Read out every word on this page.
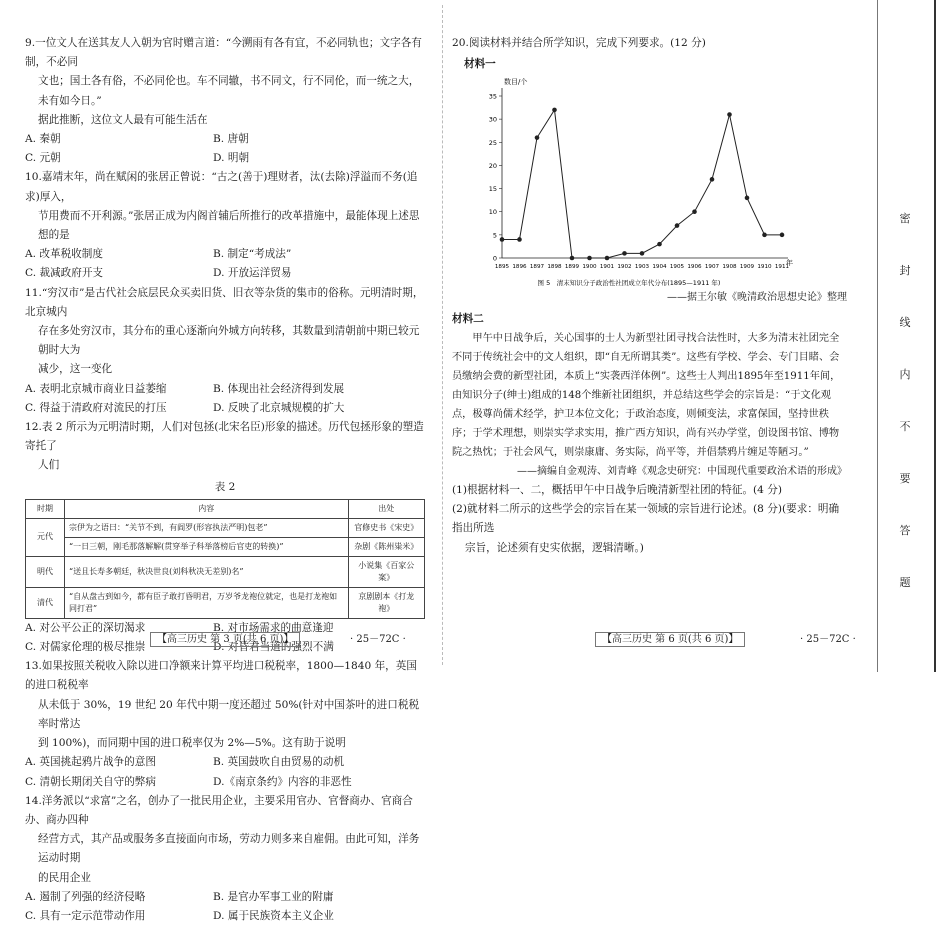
9.一位文人在送其友人入朝为官时赠言道：“今溯雨有各有宜，不必同轨也；文字各有制，不必同

文也；国土各有俗，不必同伦也。车不同辙，书不同文，行不同伦，而一统之大，未有如今日。”

据此推断，这位文人最有可能生活在

A. 秦朝	B. 唐朝
C. 元朝	D. 明朝

10.嘉靖末年，尚在赋闲的张居正曾说：“古之(善于)理财者，汰(去除)浮溢而不务(追求)厚入，

节用费而不开利源。”张居正成为内阁首辅后所推行的改革措施中，最能体现上述思想的是

A. 改革税收制度	B. 制定“考成法”
C. 裁减政府开支	D. 开放运洋贸易

11.“穷汉市”是古代社会底层民众买卖旧货、旧衣等杂货的集市的俗称。元明清时期，北京城内

存在多处穷汉市，其分布的重心逐渐向外城方向转移，其数量到清朝前中期已较元朝时大为

减少，这一变化

A. 表明北京城市商业日益萎缩	B. 体现出社会经济得到发展
C. 得益于清政府对流民的打压	D. 反映了北京城规模的扩大

12.表 2 所示为元明清时期，人们对包拯(北宋名臣)形象的描述。历代包拯形象的塑造寄托了

人们

表 2
时期	内容	出处
元代	宗伊为之语曰：“关节不到，有阎罗(形容执法严明)包老”	官修史书《宋史》
	“一日三朝，刚毛那落解解(贯穿举子科举落榜后官吏的转换)”	杂剧《陈州粜米》
明代	“送且长寿多朝廷，秋决世良(刘科秋决无差别)名”	小说集《百家公案》
清代	“自从盘古到如今，都有臣子敢打昏明君，万岁爷龙袍位就定，也是打龙袍如同打君”	京剧剧本《打龙袍》
A. 对公平公正的深切渴求	B. 对市场需求的曲意逢迎
C. 对儒家伦理的极尽推崇	D. 对昏君当道的强烈不满

13.如果按照关税收入除以进口净额来计算平均进口税税率，1800—1840 年，英国的进口税税率

从未低于 30%，19 世纪 20 年代中期一度还超过 50%(针对中国茶叶的进口税税率时常达

到 100%)，而同期中国的进口税率仅为 2%—5%。这有助于说明

A. 英国挑起鸦片战争的意图	B. 英国鼓吹自由贸易的动机
C. 清朝长期闭关自守的弊病	D.《南京条约》内容的非恶性

14.洋务派以“求富”之名，创办了一批民用企业，主要采用官办、官督商办、官商合办、商办四种

经营方式，其产品或服务多直接面向市场，劳动力则多来自雇佣。由此可知，洋务运动时期

的民用企业

A. 遏制了列强的经济侵略	B. 是官办军事工业的附庸
C. 具有一定示范带动作用	D. 属于民族资本主义企业
【高三历史 第 3 页(共 6 页)】	· 25－72C ·

20.阅读材料并结合所学知识，完成下列要求。(12 分)

材料一

数目/个
0
5
10
15
20
25
30
35
1895 1896 1897 1898 1899 1900 1901 1902 1903 1904 1905 1906 1907 1908 1909 1910 1911
年
图 5　清末知识分子政治性社团成立年代分布(1895—1911 年)

——据王尔敏《晚清政治思想史论》整理

材料二

甲午中日战争后，关心国事的士人为新型社团寻找合法性时，大多为清末社团完全不同于传统社会中的文人组织，即“自无所谓其类”。这些有学校、学会、专门目睹、会员缴纳会费的新型社团，本质上“实袭西洋体例”。这些士人判出1895年至1911年间，由知识分子(绅士)组成的148个维新社团组织，并总结这些学会的宗旨是：“于文化观点，极尊尚儒术经学，护卫本位文化；于政治态度，则倾变法，求富保国，坚持世秩序；于学术理想，则崇实学求实用，推广西方知识，尚有兴办学堂，创设图书馆、博物院之热忱；于社会风气，则崇康庸、务实际，尚平等，并倡禁鸦片缠足等陋习。”

——摘编自金观涛、刘青峰《观念史研究：中国现代重要政治术语的形成》

(1)根据材料一、二，概括甲午中日战争后晚清新型社团的特征。(4 分)

(2)就材料二所示的这些学会的宗旨在某一领域的宗旨进行论述。(8 分)(要求：明确指出所选

宗旨，论述须有史实依据，逻辑清晰。)

【高三历史 第 6 页(共 6 页)】	· 25－72C ·
密
封
线
内
不
要
答
题
